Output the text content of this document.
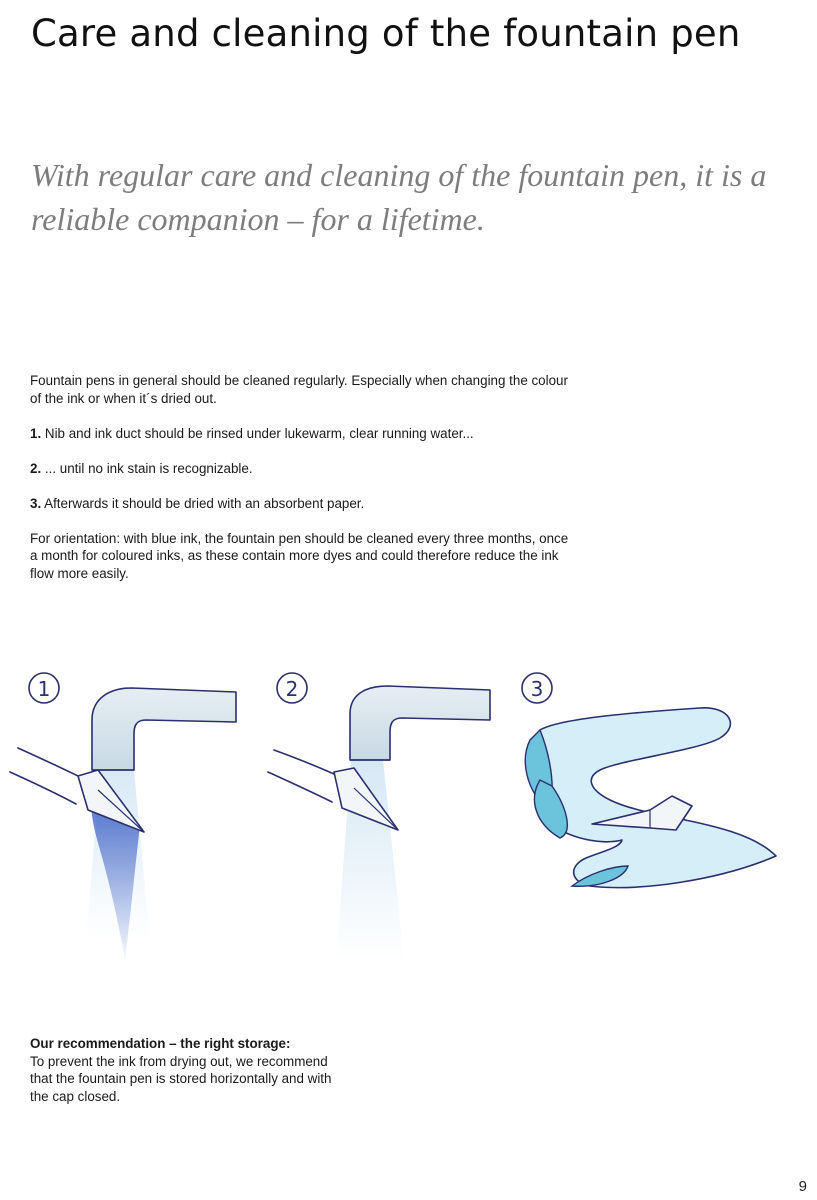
Care and cleaning of the fountain pen

With regular care and cleaning of the fountain pen, it is a reliable companion – for a lifetime.

Fountain pens in general should be cleaned regularly. Especially when changing the colour of the ink or when it´s dried out.

1. Nib and ink duct should be rinsed under lukewarm, clear running water...

2. ... until no ink stain is recognizable.

3. Afterwards it should be dried with an absorbent paper.

For orientation: with blue ink, the fountain pen should be cleaned every three months, once a month for coloured inks, as these contain more dyes and could therefore reduce the ink flow more easily.

1	2	3
Our recommendation – the right storage:
To prevent the ink from drying out, we recommend that the fountain pen is stored horizontally and with the cap closed.
9
